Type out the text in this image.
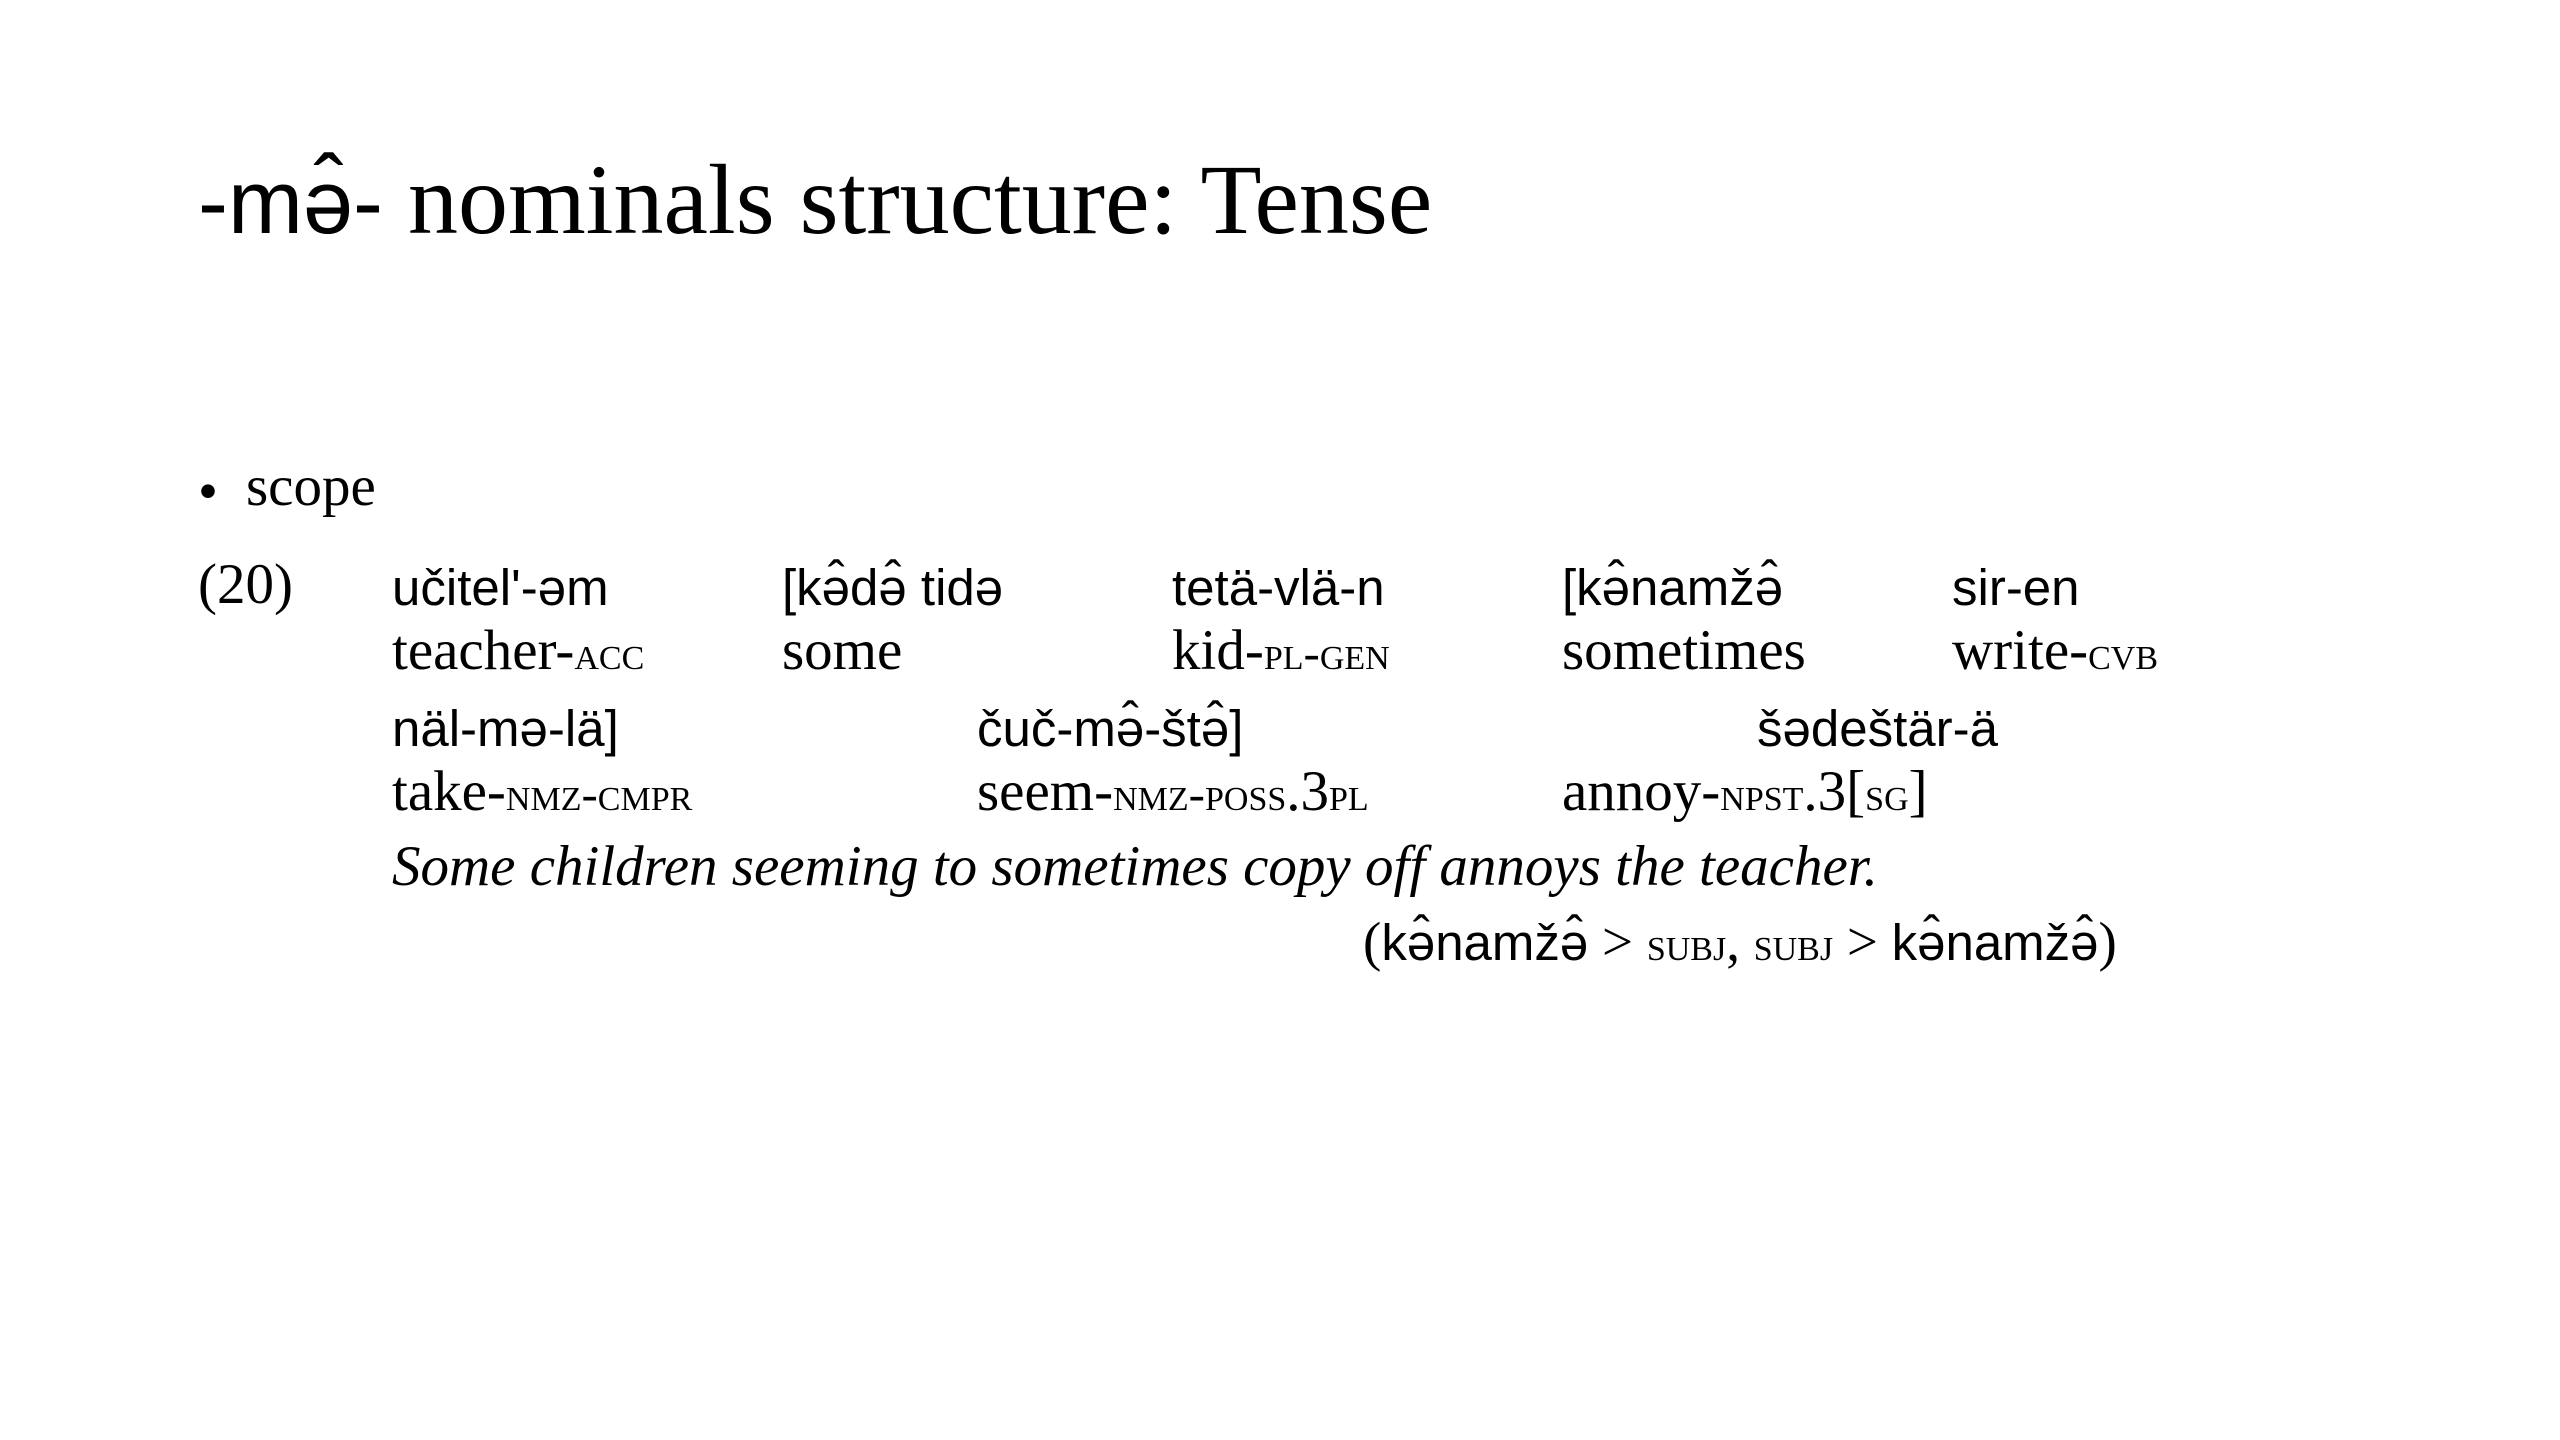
-mə̂- nominals structure: Tense
• scope
(20) učitel'-əm	[kə̂də̂ tidə	tetä-vlä-n	[kə̂namžə̂	sir-en
teacher-acc some	kid-pl-gen	sometimes	write-cvb
näl-mə-lä]	čuč-mə̂-štə̂]	šədeštär-ä
take-nmz-cmpr	seem-nmz-poss.3pl	annoy-npst.3[sg]
Some children seeming to sometimes copy off annoys the teacher.
(kə̂namžə̂ > subj, subj > kə̂namžə̂)
